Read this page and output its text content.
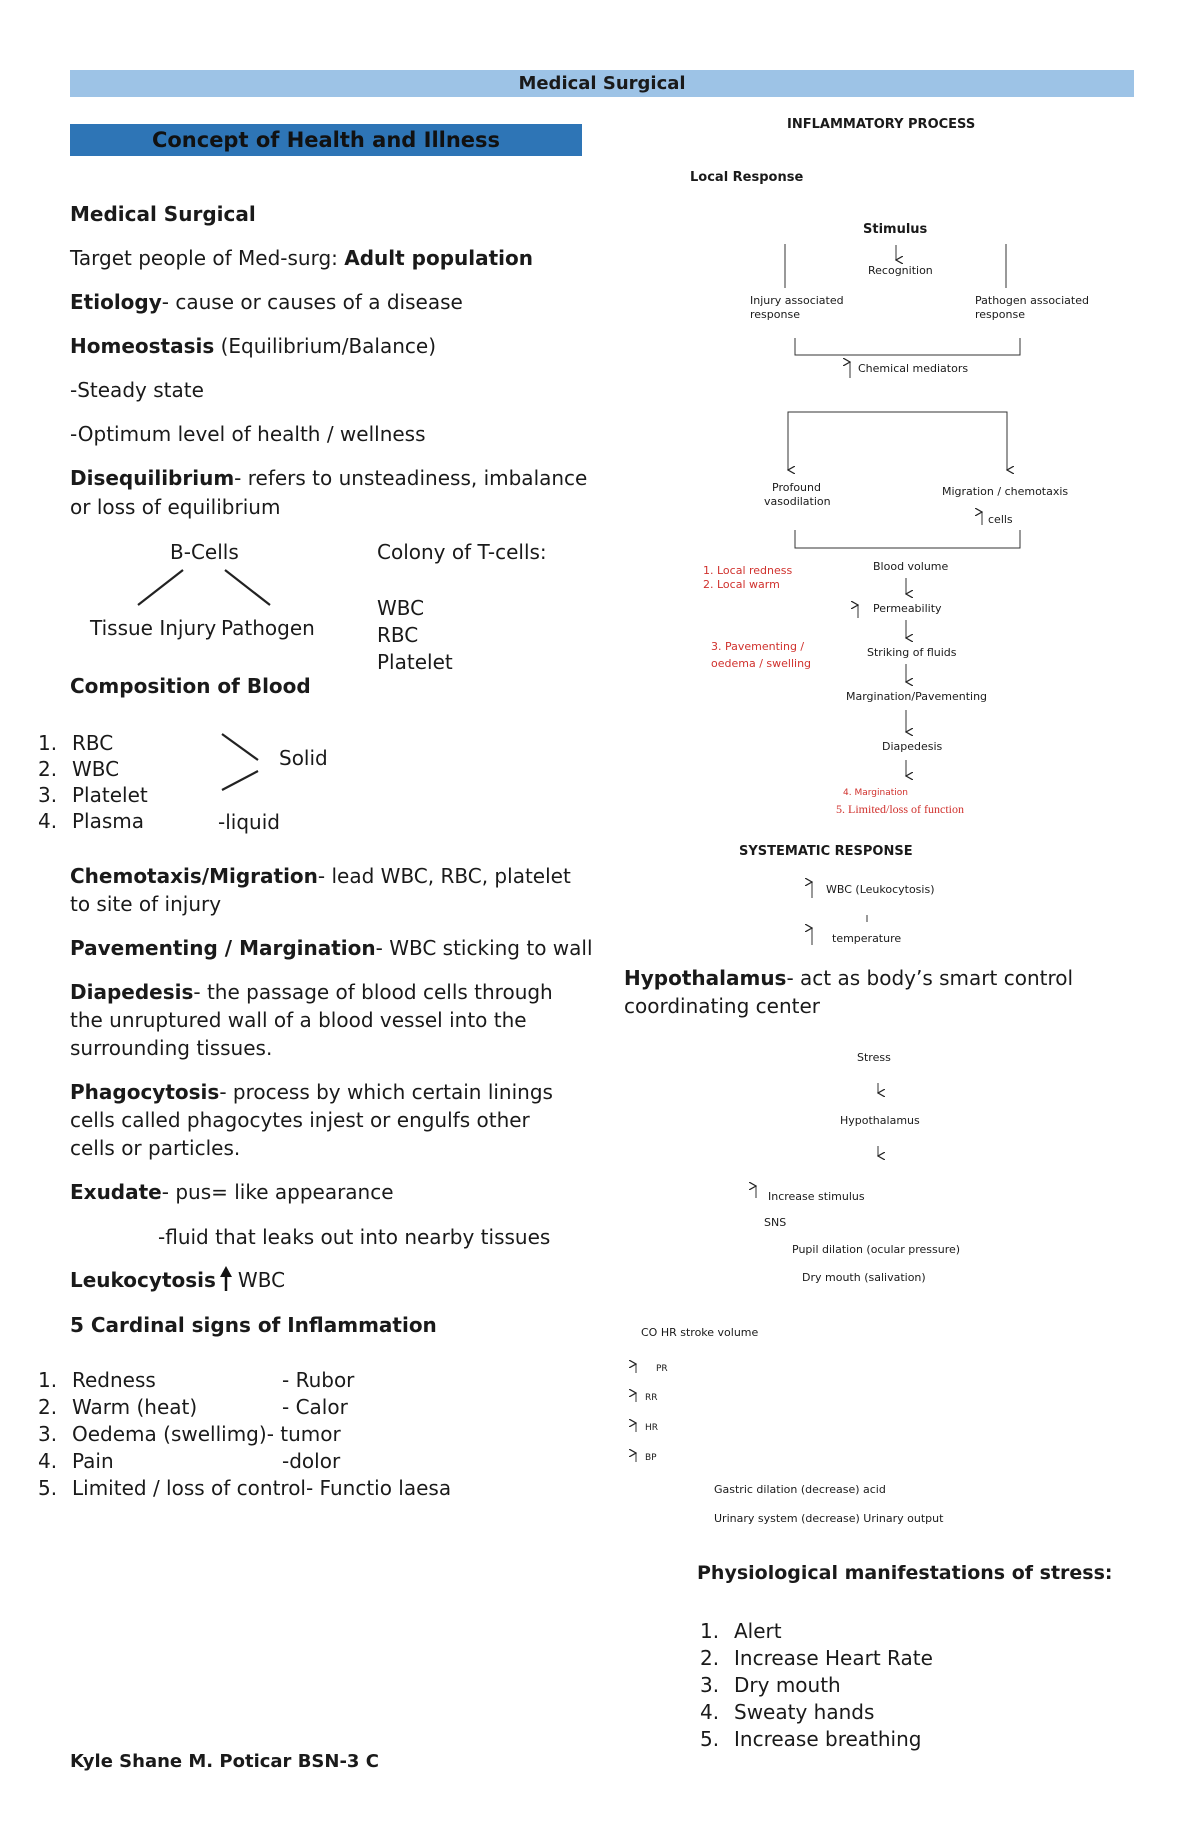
Medical Surgical
Concept of Health and Illness
Medical Surgical
Target people of Med-surg: Adult population
Etiology- cause or causes of a disease
Homeostasis (Equilibrium/Balance)
-Steady state
-Optimum level of health / wellness
Disequilibrium- refers to unsteadiness, imbalance
or loss of equilibrium
B-Cells
Tissue Injury Pathogen
Colony of T-cells:
WBC
RBC
Platelet
Composition of Blood
1. RBC
2. WBC
3. Platelet
4. Plasma
Solid
-liquid
Chemotaxis/Migration- lead WBC, RBC, platelet
to site of injury
Pavementing / Margination- WBC sticking to wall
Diapedesis- the passage of blood cells through
the unruptured wall of a blood vessel into the
surrounding tissues.
Phagocytosis- process by which certain linings
cells called phagocytes injest or engulfs other
cells or particles.
Exudate- pus= like appearance
-fluid that leaks out into nearby tissues
Leukocytosis WBC
5 Cardinal signs of Inflammation
1. Redness	- Rubor
2. Warm (heat)	- Calor
3. Oedema (swellimg)- tumor
4. Pain	-dolor
5. Limited / loss of control- Functio laesa
Kyle Shane M. Poticar BSN-3 C
INFLAMMATORY PROCESS
Local Response
Stimulus
Recognition
Injury associated
response
Pathogen associated
response
Chemical mediators
Profound
vasodilation
Migration / chemotaxis
cells
1. Local redness
2. Local warm
3. Pavementing /
oedema / swelling
4. Margination
5. Limited/loss of function
Blood volume
Permeability
Striking of fluids
Margination/Pavementing
Diapedesis
SYSTEMATIC RESPONSE
WBC (Leukocytosis)
temperature
Hypothalamus- act as body’s smart control
coordinating center
Stress
Hypothalamus
Increase stimulus
SNS
Pupil dilation (ocular pressure)
Dry mouth (salivation)
CO HR stroke volume
PR
RR
HR
BP
Gastric dilation (decrease) acid
Urinary system (decrease) Urinary output
Physiological manifestations of stress:
1. Alert
2. Increase Heart Rate
3. Dry mouth
4. Sweaty hands
5. Increase breathing
